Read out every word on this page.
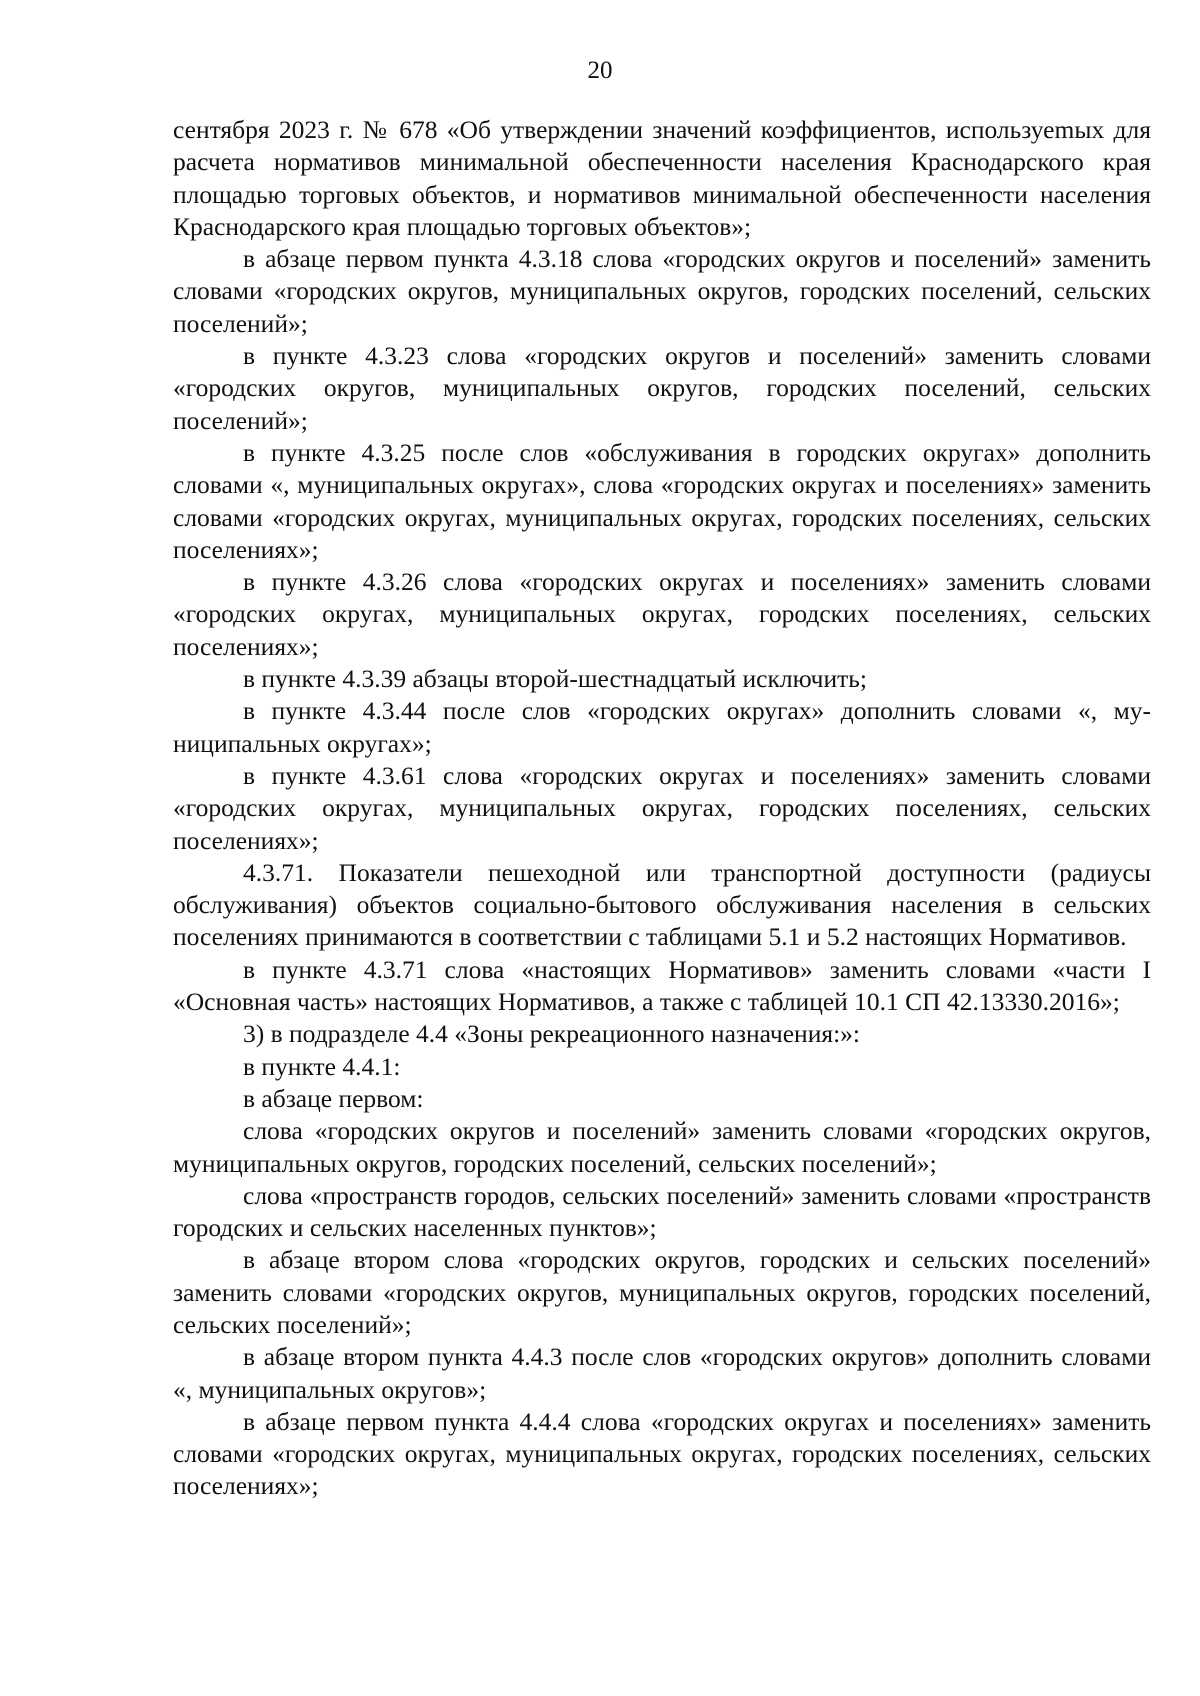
20

сентября 2023 г. № 678 «Об утверждении значений коэффициентов, используеmых для расчета нормативов минимальной обеспеченности населения Краснодарского края площадью торговых объектов, и нормативов минимальной обеспеченности населения Краснодарского края площадью торговых объектов»;

в абзаце первом пункта 4.3.18 слова «городских округов и поселений» заменить словами «городских округов, муниципальных округов, городских поселений, сельских поселений»;

в пункте 4.3.23 слова «городских округов и поселений» заменить словами «городских округов, муниципальных округов, городских поселений, сельских поселений»;

в пункте 4.3.25 после слов «обслуживания в городских округах» дополнить словами «, муниципальных округах», слова «городских округах и поселениях» заменить словами «городских округах, муниципальных округах, городских поселениях, сельских поселениях»;

в пункте 4.3.26 слова «городских округах и поселениях» заменить словами «городских округах, муниципальных округах, городских поселениях, сельских поселениях»;

в пункте 4.3.39 абзацы второй-шестнадцатый исключить;

в пункте 4.3.44 после слов «городских округах» дополнить словами «, муниципальных округах»;

в пункте 4.3.61 слова «городских округах и поселениях» заменить словами «городских округах, муниципальных округах, городских поселениях, сельских поселениях»;

4.3.71. Показатели пешеходной или транспортной доступности (радиусы обслуживания) объектов социально-бытового обслуживания населения в сельских поселениях принимаются в соответствии с таблицами 5.1 и 5.2 настоящих Нормативов.

в пункте 4.3.71 слова «настоящих Нормативов» заменить словами «части I «Основная часть» настоящих Нормативов, а также с таблицей 10.1 СП 42.13330.2016»;

3) в подразделе 4.4 «Зоны рекреационного назначения:»:

в пункте 4.4.1:

в абзаце первом:

слова «городских округов и поселений» заменить словами «городских округов, муниципальных округов, городских поселений, сельских поселений»;

слова «пространств городов, сельских поселений» заменить словами «пространств городских и сельских населенных пунктов»;

в абзаце втором слова «городских округов, городских и сельских поселений» заменить словами «городских округов, муниципальных округов, городских поселений, сельских поселений»;

в абзаце втором пункта 4.4.3 после слов «городских округов» дополнить словами «, муниципальных округов»;

в абзаце первом пункта 4.4.4 слова «городских округах и поселениях» заменить словами «городских округах, муниципальных округах, городских поселениях, сельских поселениях»;
